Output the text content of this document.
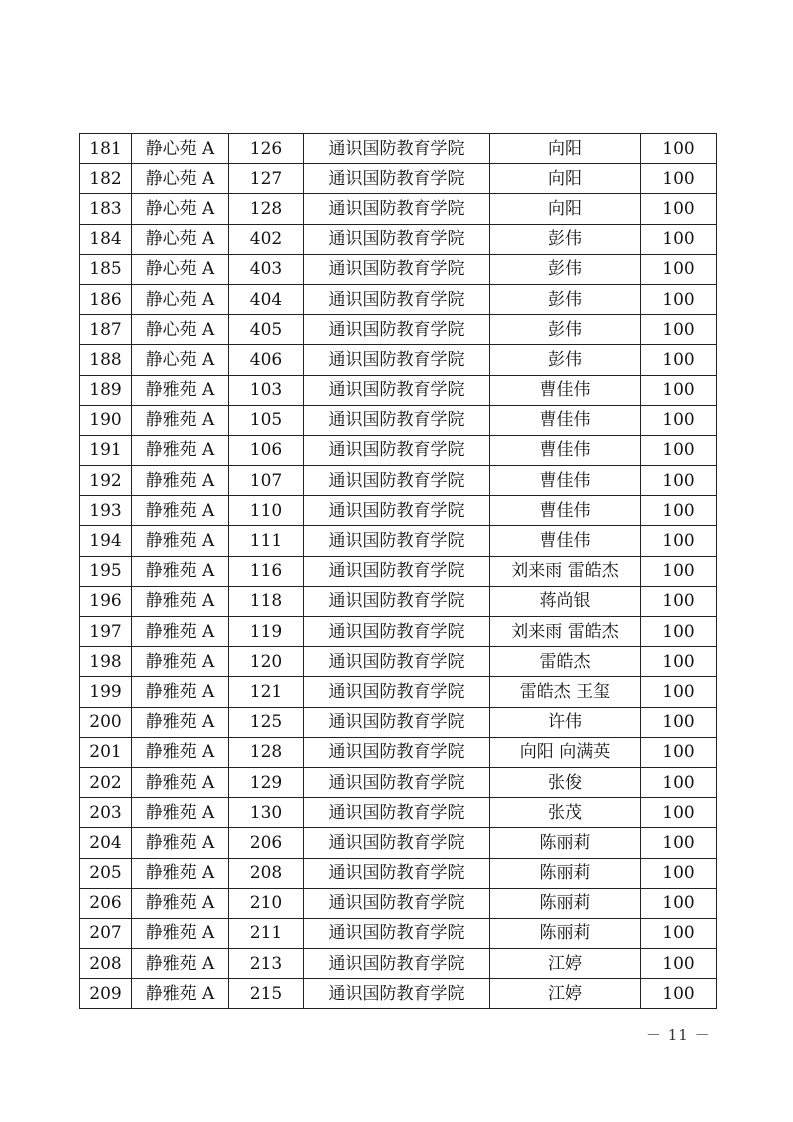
181	静心苑 A	126	通识国防教育学院	向阳	100
182	静心苑 A	127	通识国防教育学院	向阳	100
183	静心苑 A	128	通识国防教育学院	向阳	100
184	静心苑 A	402	通识国防教育学院	彭伟	100
185	静心苑 A	403	通识国防教育学院	彭伟	100
186	静心苑 A	404	通识国防教育学院	彭伟	100
187	静心苑 A	405	通识国防教育学院	彭伟	100
188	静心苑 A	406	通识国防教育学院	彭伟	100
189	静雅苑 A	103	通识国防教育学院	曹佳伟	100
190	静雅苑 A	105	通识国防教育学院	曹佳伟	100
191	静雅苑 A	106	通识国防教育学院	曹佳伟	100
192	静雅苑 A	107	通识国防教育学院	曹佳伟	100
193	静雅苑 A	110	通识国防教育学院	曹佳伟	100
194	静雅苑 A	111	通识国防教育学院	曹佳伟	100
195	静雅苑 A	116	通识国防教育学院	刘来雨 雷皓杰	100
196	静雅苑 A	118	通识国防教育学院	蒋尚银	100
197	静雅苑 A	119	通识国防教育学院	刘来雨 雷皓杰	100
198	静雅苑 A	120	通识国防教育学院	雷皓杰	100
199	静雅苑 A	121	通识国防教育学院	雷皓杰 王玺	100
200	静雅苑 A	125	通识国防教育学院	许伟	100
201	静雅苑 A	128	通识国防教育学院	向阳 向满英	100
202	静雅苑 A	129	通识国防教育学院	张俊	100
203	静雅苑 A	130	通识国防教育学院	张茂	100
204	静雅苑 A	206	通识国防教育学院	陈丽莉	100
205	静雅苑 A	208	通识国防教育学院	陈丽莉	100
206	静雅苑 A	210	通识国防教育学院	陈丽莉	100
207	静雅苑 A	211	通识国防教育学院	陈丽莉	100
208	静雅苑 A	213	通识国防教育学院	江婷	100
209	静雅苑 A	215	通识国防教育学院	江婷	100
－ 11 －
